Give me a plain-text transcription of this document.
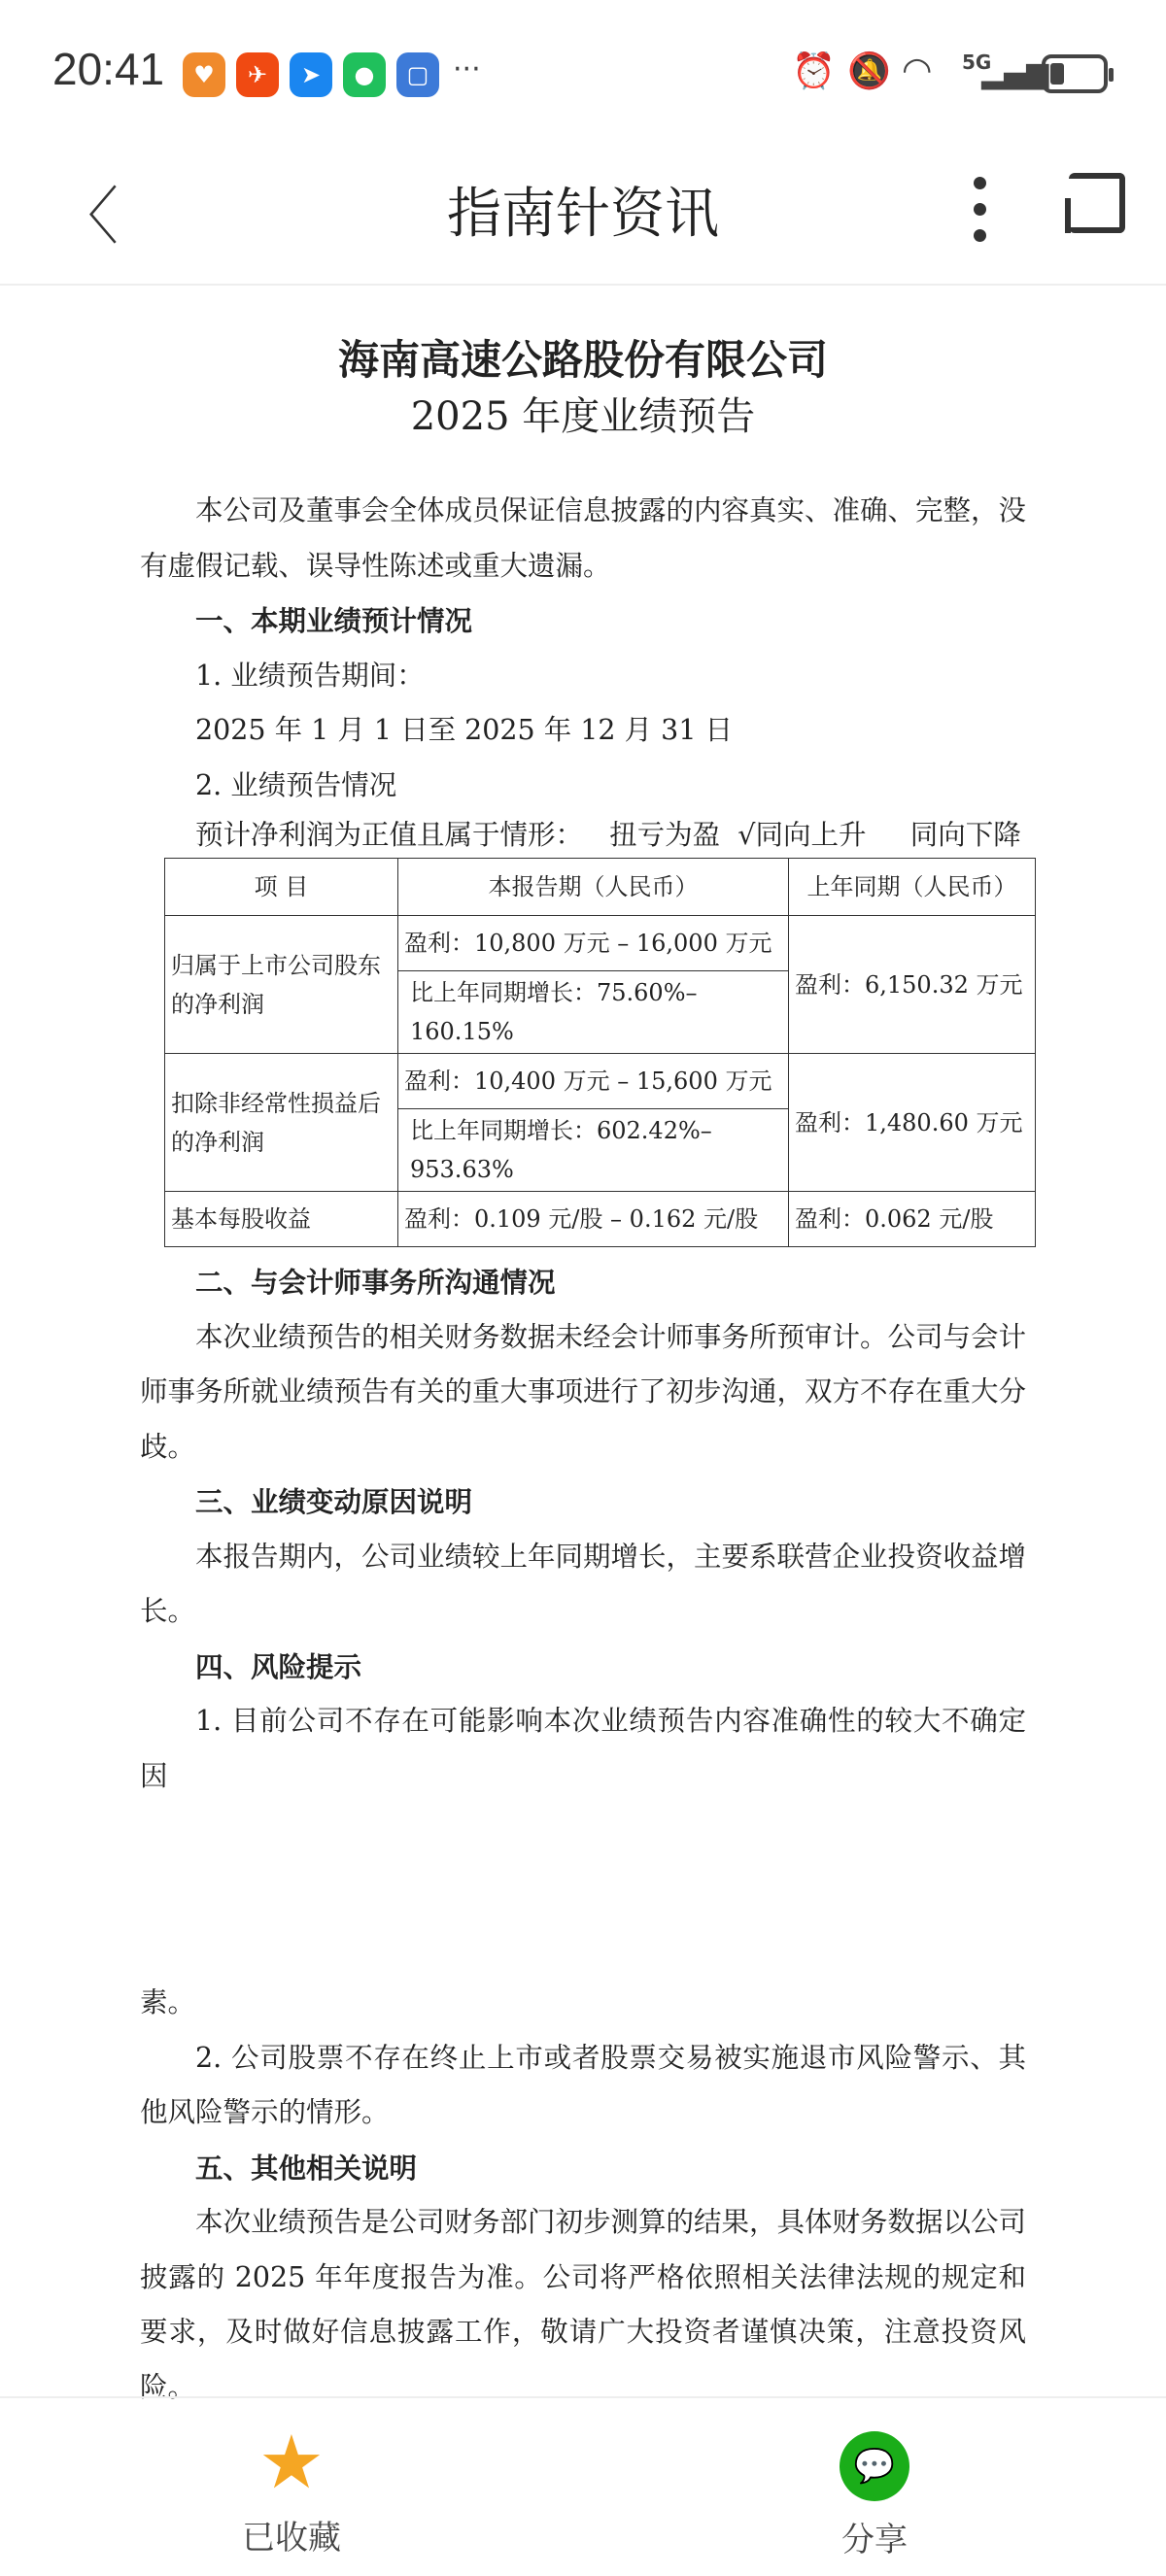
20:41	♥	✈	➤	●	▢ ···	⏰ 🔕 ◠ 5G
▂▄▆
〈	指南针资讯
海南高速公路股份有限公司
2025 年度业绩预告
本公司及董事会全体成员保证信息披露的内容真实、准确、完整，没有虚假记载、误导性陈述或重大遗漏。
一、本期业绩预计情况
1. 业绩预告期间：
2025 年 1 月 1 日至 2025 年 12 月 31 日
2. 业绩预告情况
预计净利润为正值且属于情形：   扭亏为盈  √同向上升     同向下降
项 目	本报告期（人民币）	上年同期（人民币）
归属于上市公司股东的净利润	盈利：10,800 万元 – 16,000 万元	盈利：6,150.32 万元
	比上年同期增长：75.60%– 160.15%	
扣除非经常性损益后的净利润	盈利：10,400 万元 – 15,600 万元	盈利：1,480.60 万元
	比上年同期增长：602.42%–953.63%	
基本每股收益	盈利：0.109 元/股 – 0.162 元/股	盈利：0.062 元/股
二、与会计师事务所沟通情况
本次业绩预告的相关财务数据未经会计师事务所预审计。公司与会计师事务所就业绩预告有关的重大事项进行了初步沟通，双方不存在重大分歧。
三、业绩变动原因说明
本报告期内，公司业绩较上年同期增长，主要系联营企业投资收益增长。
四、风险提示
1. 目前公司不存在可能影响本次业绩预告内容准确性的较大不确定因
素。
2. 公司股票不存在终止上市或者股票交易被实施退市风险警示、其他风险警示的情形。
五、其他相关说明
本次业绩预告是公司财务部门初步测算的结果，具体财务数据以公司披露的 2025 年年度报告为准。公司将严格依照相关法律法规的规定和要求，及时做好信息披露工作，敬请广大投资者谨慎决策，注意投资风险。
★
已收藏
💬
分享
